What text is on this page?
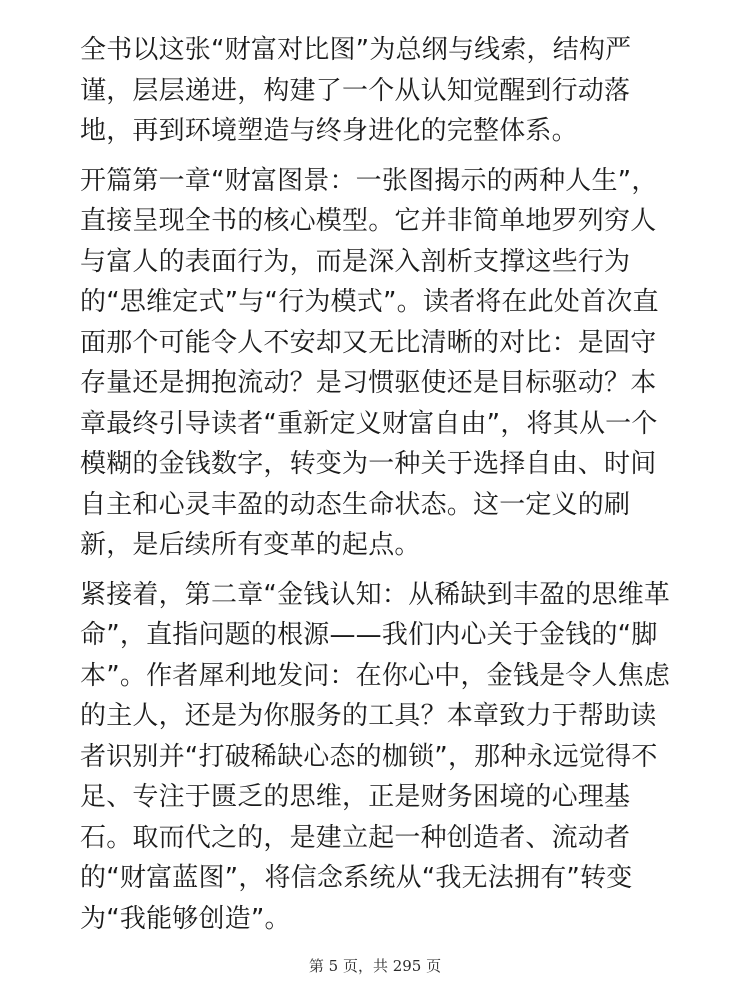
全书以这张“财富对比图”为总纲与线索，结构严谨，层层递进，构建了一个从认知觉醒到行动落地，再到环境塑造与终身进化的完整体系。

开篇第一章“财富图景：一张图揭示的两种人生”，直接呈现全书的核心模型。它并非简单地罗列穷人与富人的表面行为，而是深入剖析支撑这些行为的“思维定式”与“行为模式”。读者将在此处首次直面那个可能令人不安却又无比清晰的对比：是固守存量还是拥抱流动？是习惯驱使还是目标驱动？本章最终引导读者“重新定义财富自由”，将其从一个模糊的金钱数字，转变为一种关于选择自由、时间自主和心灵丰盈的动态生命状态。这一定义的刷新，是后续所有变革的起点。

紧接着，第二章“金钱认知：从稀缺到丰盈的思维革命”，直指问题的根源——我们内心关于金钱的“脚本”。作者犀利地发问：在你心中，金钱是令人焦虑的主人，还是为你服务的工具？本章致力于帮助读者识别并“打破稀缺心态的枷锁”，那种永远觉得不足、专注于匮乏的思维，正是财务困境的心理基石。取而代之的，是建立起一种创造者、流动者的“财富蓝图”，将信念系统从“我无法拥有”转变为“我能够创造”。

第 5 页，共 295 页
